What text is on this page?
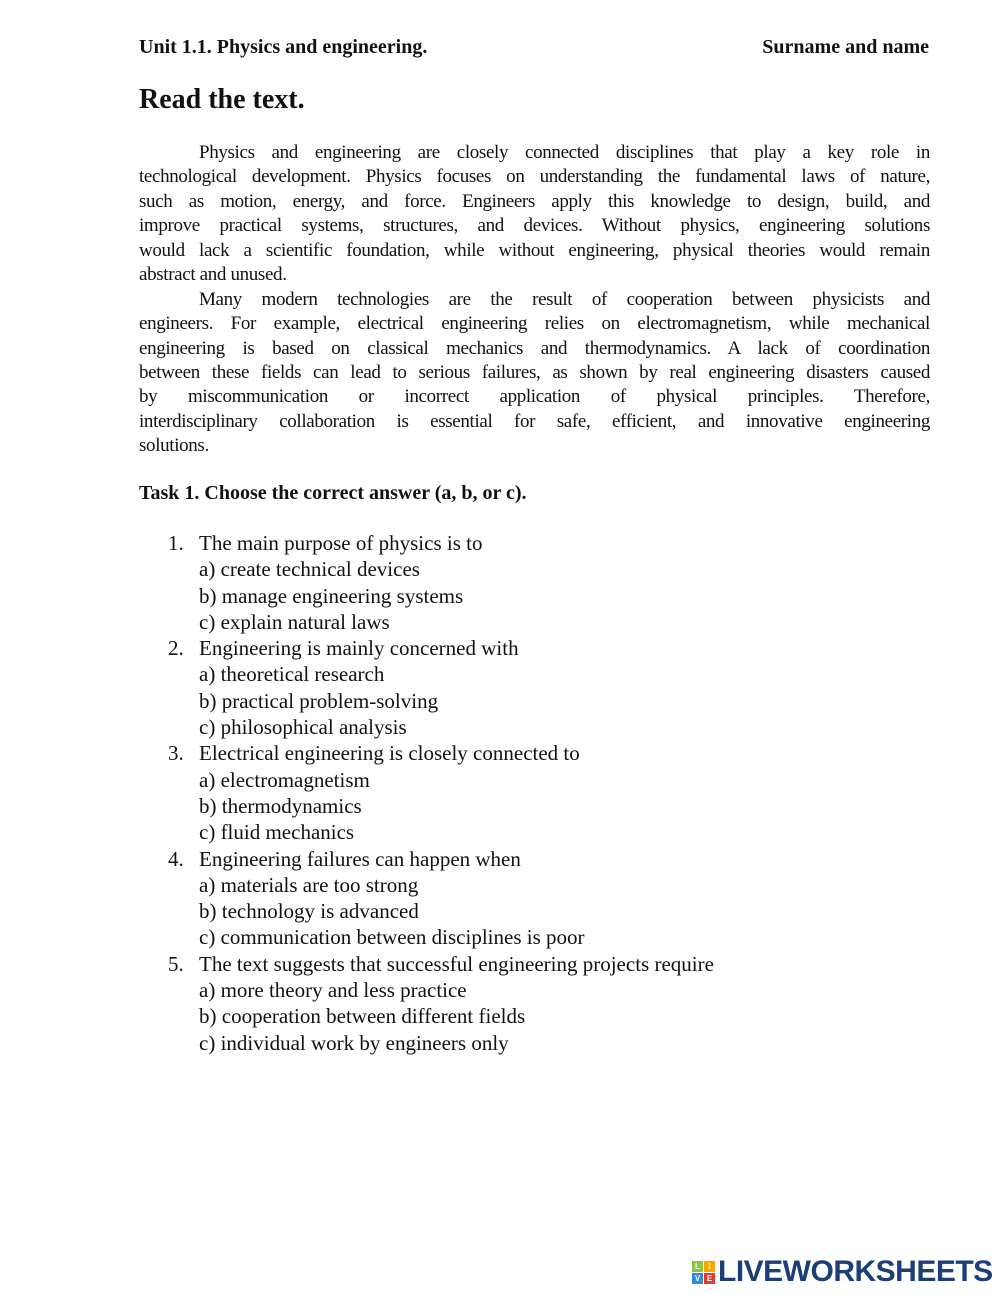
Unit 1.1. Physics and engineering.	Surname and name
Read the text.
Physics and engineering are closely connected disciplines that play a key role in
technological development. Physics focuses on understanding the fundamental laws of nature,
such as motion, energy, and force. Engineers apply this knowledge to design, build, and
improve practical systems, structures, and devices. Without physics, engineering solutions
would lack a scientific foundation, while without engineering, physical theories would remain
abstract and unused.
Many modern technologies are the result of cooperation between physicists and
engineers. For example, electrical engineering relies on electromagnetism, while mechanical
engineering is based on classical mechanics and thermodynamics. A lack of coordination
between these fields can lead to serious failures, as shown by real engineering disasters caused
by miscommunication or incorrect application of physical principles. Therefore,
interdisciplinary collaboration is essential for safe, efficient, and innovative engineering
solutions.
Task 1. Choose the correct answer (a, b, or c).
1. The main purpose of physics is to
a) create technical devices
b) manage engineering systems
c) explain natural laws
2. Engineering is mainly concerned with
a) theoretical research
b) practical problem-solving
c) philosophical analysis
3. Electrical engineering is closely connected to
a) electromagnetism
b) thermodynamics
c) fluid mechanics
4. Engineering failures can happen when
a) materials are too strong
b) technology is advanced
c) communication between disciplines is poor
5. The text suggests that successful engineering projects require
a) more theory and less practice
b) cooperation between different fields
c) individual work by engineers only
L	I
V E LIVEWORKSHEETS
